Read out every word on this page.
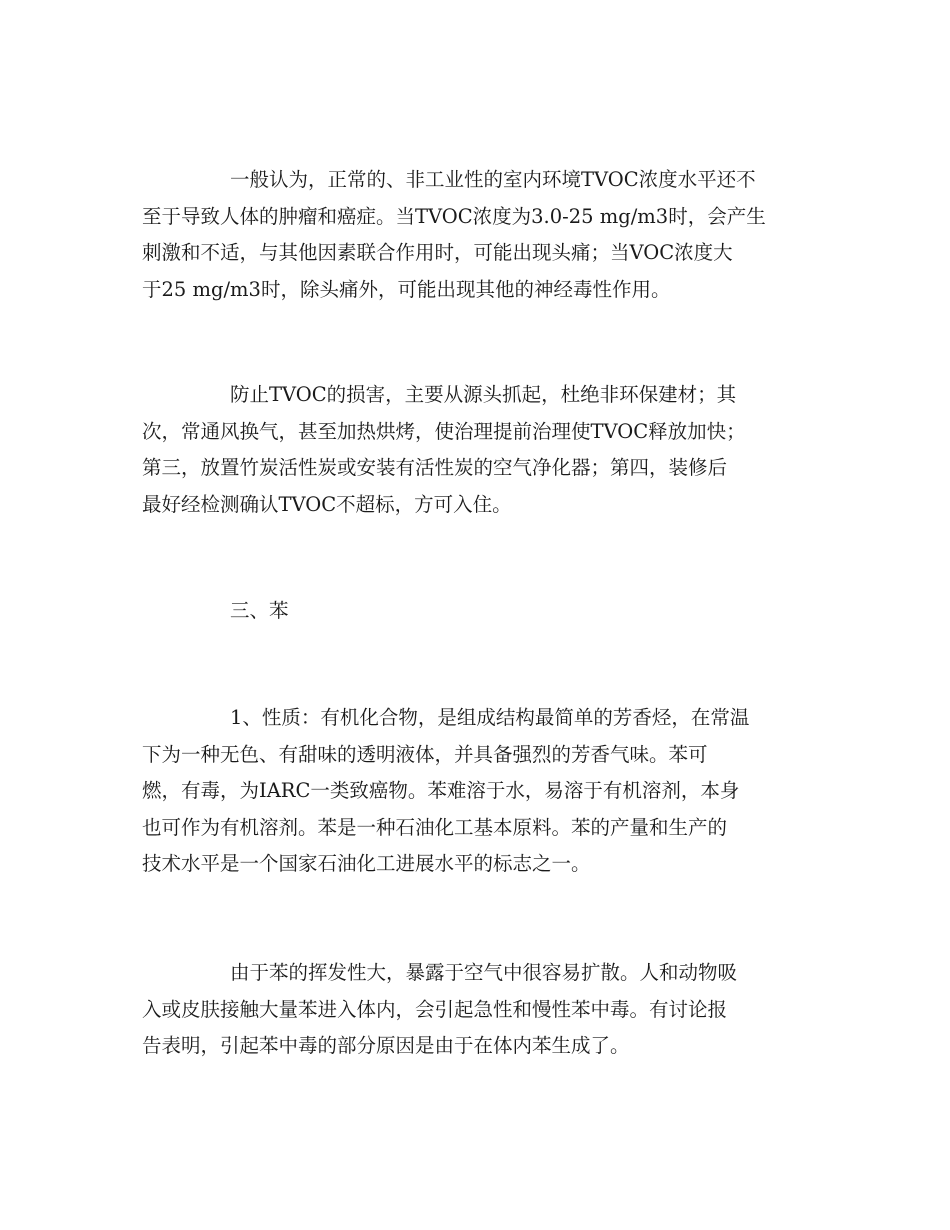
一般认为，正常的、非工业性的室内环境TVOC浓度水平还不
至于导致人体的肿瘤和癌症。当TVOC浓度为3.0-25 mg/m3时，会产生
刺激和不适，与其他因素联合作用时，可能出现头痛；当VOC浓度大
于25 mg/m3时，除头痛外，可能出现其他的神经毒性作用。

防止TVOC的损害，主要从源头抓起，杜绝非环保建材；其
次，常通风换气，甚至加热烘烤，使治理提前治理使TVOC释放加快；
第三，放置竹炭活性炭或安装有活性炭的空气净化器；第四，装修后
最好经检测确认TVOC不超标，方可入住。

三、苯

1、性质：有机化合物，是组成结构最简单的芳香烃，在常温
下为一种无色、有甜味的透明液体，并具备强烈的芳香气味。苯可
燃，有毒，为IARC一类致癌物。苯难溶于水，易溶于有机溶剂，本身
也可作为有机溶剂。苯是一种石油化工基本原料。苯的产量和生产的
技术水平是一个国家石油化工进展水平的标志之一。

由于苯的挥发性大，暴露于空气中很容易扩散。人和动物吸
入或皮肤接触大量苯进入体内，会引起急性和慢性苯中毒。有讨论报
告表明，引起苯中毒的部分原因是由于在体内苯生成了。
